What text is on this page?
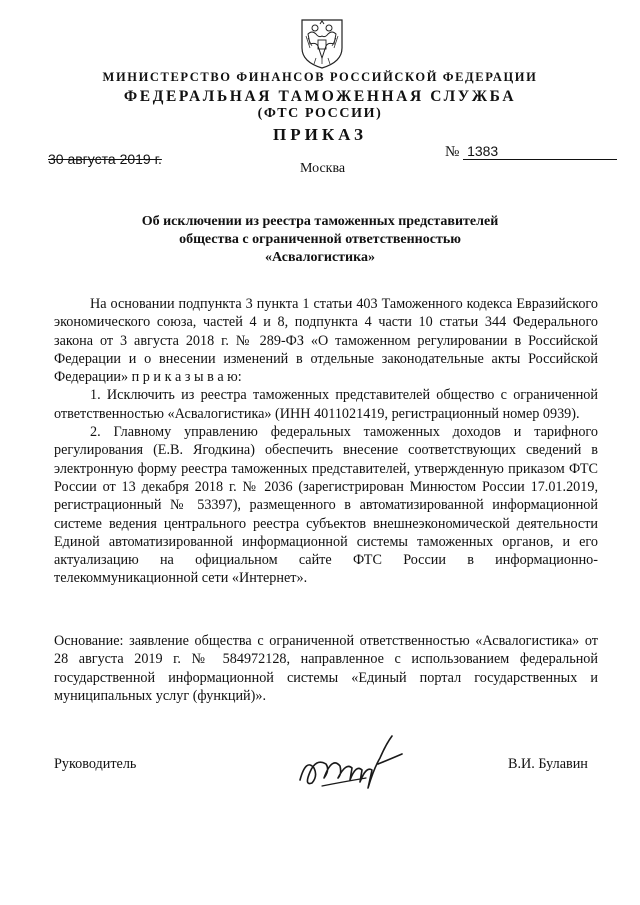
МИНИСТЕРСТВО ФИНАНСОВ РОССИЙСКОЙ ФЕДЕРАЦИИ
ФЕДЕРАЛЬНАЯ ТАМОЖЕННАЯ СЛУЖБА
(ФТС РОССИИ)
ПРИКАЗ
30 августа 2019 г.	№ 1383
Москва
Об исключении из реестра таможенных представителей
общества с ограниченной ответственностью
«Асвалогистика»

На основании подпункта 3 пункта 1 статьи 403 Таможенного кодекса Евразийского экономического союза, частей 4 и 8, подпункта 4 части 10 статьи 344 Федерального закона от 3 августа 2018 г. № 289-ФЗ «О таможенном регулировании в Российской Федерации и о внесении изменений в отдельные законодательные акты Российской Федерации» п р и к а з ы в а ю:

1. Исключить из реестра таможенных представителей общество с ограниченной ответственностью «Асвалогистика» (ИНН 4011021419, регистрационный номер 0939).

2. Главному управлению федеральных таможенных доходов и тарифного регулирования (Е.В. Ягодкина) обеспечить внесение соответствующих сведений в электронную форму реестра таможенных представителей, утвержденную приказом ФТС России от 13 декабря 2018 г. № 2036 (зарегистрирован Минюстом России 17.01.2019, регистрационный № 53397), размещенного в автоматизированной информационной системе ведения центрального реестра субъектов внешнеэкономической деятельности Единой автоматизированной информационной системы таможенных органов, и его актуализацию на официальном сайте ФТС России в информационно-телекоммуникационной сети «Интернет».

Основание: заявление общества с ограниченной ответственностью «Асвалогистика» от 28 августа 2019 г. № 584972128, направленное с использованием федеральной государственной информационной системы «Единый портал государственных и муниципальных услуг (функций)».
Руководитель	В.И. Булавин
